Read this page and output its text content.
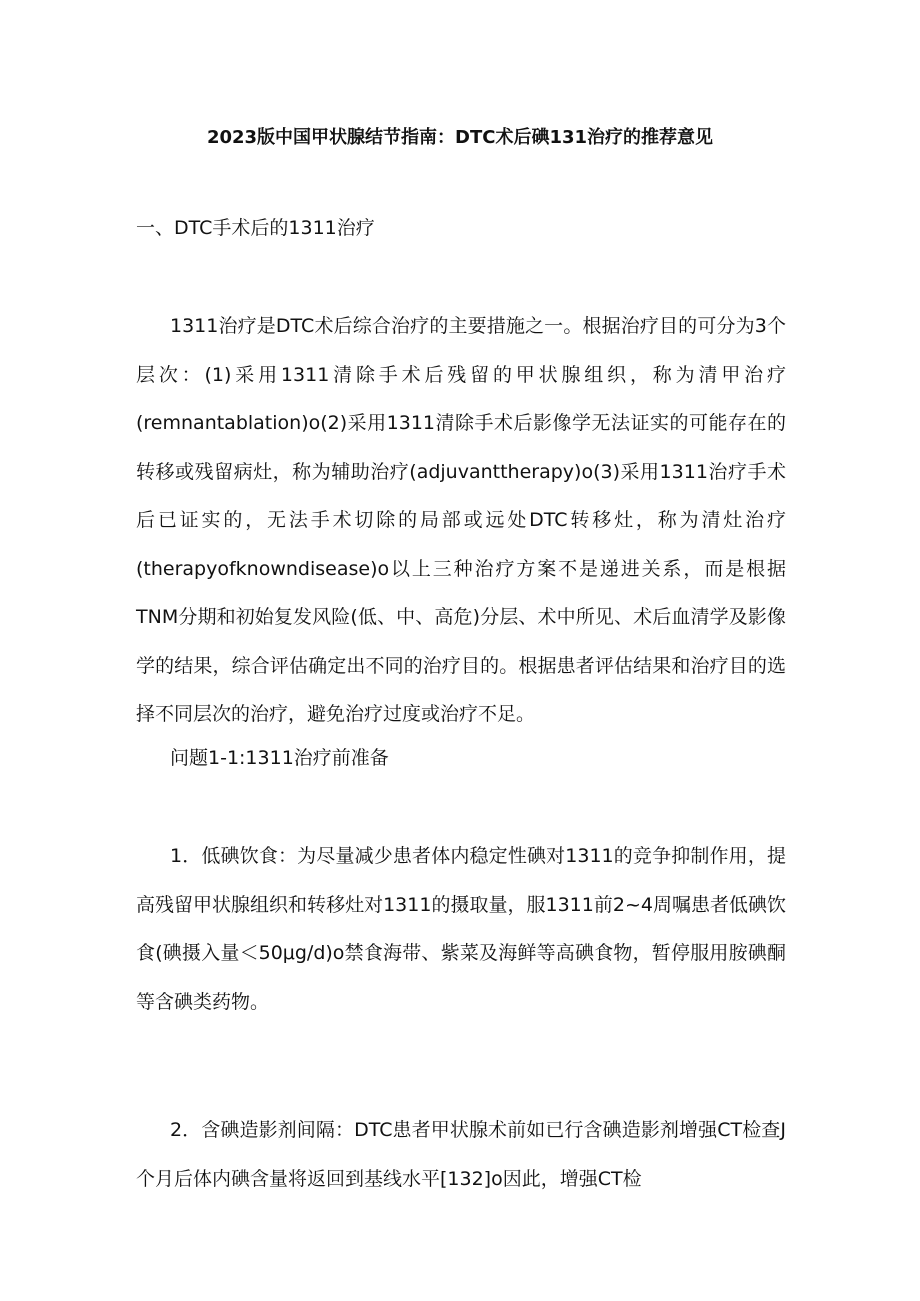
2023版中国甲状腺结节指南：DTC术后碘131治疗的推荐意见
一、DTC手术后的1311治疗

1311治疗是DTC术后综合治疗的主要措施之一。根据治疗目的可分为3个层次：(1)采用1311清除手术后残留的甲状腺组织，称为清甲治疗(remnantablation)o(2)采用1311清除手术后影像学无法证实的可能存在的转移或残留病灶，称为辅助治疗(adjuvanttherapy)o(3)采用1311治疗手术后已证实的，无法手术切除的局部或远处DTC转移灶，称为清灶治疗(therapyofknowndisease)o以上三种治疗方案不是递进关系，而是根据TNM分期和初始复发风险(低、中、高危)分层、术中所见、术后血清学及影像学的结果，综合评估确定出不同的治疗目的。根据患者评估结果和治疗目的选择不同层次的治疗，避免治疗过度或治疗不足。

问题1-1:1311治疗前准备

1．低碘饮食：为尽量减少患者体内稳定性碘对1311的竞争抑制作用，提高残留甲状腺组织和转移灶对1311的摄取量，服1311前2~4周嘱患者低碘饮食(碘摄入量＜50μg∕d)o禁食海带、紫菜及海鲜等高碘食物，暂停服用胺碘酮等含碘类药物。

2．含碘造影剂间隔：DTC患者甲状腺术前如已行含碘造影剂增强CT检查J个月后体内碘含量将返回到基线水平[132]o因此，增强CT检
